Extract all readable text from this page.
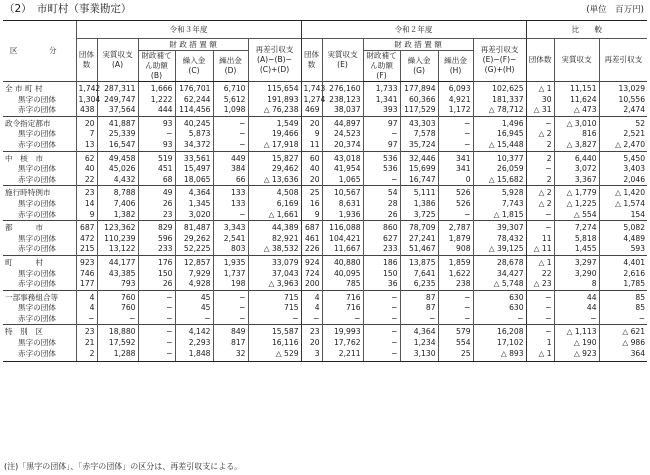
（2）　市町村（事業勘定）	(単位　百万円)
区　分	令和３年度						令和２年度						比　　較		
	団体数	実質収支(A)	財 政 措 置 額			再差引収支(A)−(B)−(C)+(D)	団体数	実質収支(E)	財 政 措 置 額			再差引収支(E)−(F)−(G)+(H)	団体数	実質収支	再差引収支
			財政補てん助額(B)	繰入金(C)	繰出金(D)				財政補てん助額(F)	繰入金(G)	繰出金(H)				
全 市 町 村	1,742	287,311	1,666	176,701	6,710	115,654	1,743	276,160	1,733	177,894	6,093	102,625	△ 1	11,151	13,029
黒字の団体	1,304	249,747	1,222	62,244	5,612	191,893	1,274	238,123	1,341	60,366	4,921	181,337	30	11,624	10,556
赤字の団体	438	37,564	444	114,456	1,098	△ 76,238	469	38,037	393	117,529	1,172	△ 78,712	△ 31	△ 473	2,474
政令指定都市	20	41,887	93	40,245	−	1,549	20	44,897	97	43,303	−	1,496	−	△ 3,010	52
黒字の団体	7	25,339	−	5,873	−	19,466	9	24,523	−	7,578	−	16,945	△ 2	816	2,521
赤字の団体	13	16,547	93	34,372	−	△ 17,918	11	20,374	97	35,724	−	△ 15,448	2	△ 3,827	△ 2,470
中　核　市	62	49,458	519	33,561	449	15,827	60	43,018	536	32,446	341	10,377	2	6,440	5,450
黒字の団体	40	45,026	451	15,497	384	29,462	40	41,954	536	15,699	341	26,059	−	3,072	3,403
赤字の団体	22	4,432	68	18,065	66	△ 13,636	20	1,065	−	16,747	0	△ 15,682	2	3,367	2,046
施行時特例市	23	8,788	49	4,364	133	4,508	25	10,567	54	5,111	526	5,928	△ 2	△ 1,779	△ 1,420
黒字の団体	14	7,406	26	1,345	133	6,169	16	8,631	28	1,386	526	7,743	△ 2	△ 1,225	△ 1,574
赤字の団体	9	1,382	23	3,020	−	△ 1,661	9	1,936	26	3,725	−	△ 1,815	−	△ 554	154
都　　　市	687	123,362	829	81,487	3,343	44,389	687	116,088	860	78,709	2,787	39,307	−	7,274	5,082
黒字の団体	472	110,239	596	29,262	2,541	82,921	461	104,421	627	27,241	1,879	78,432	11	5,818	4,489
赤字の団体	215	13,122	233	52,225	803	△ 38,532	226	11,667	233	51,467	908	△ 39,125	△ 11	1,455	593
町　　　村	923	44,177	176	12,857	1,935	33,079	924	40,880	186	13,875	1,859	28,678	△ 1	3,297	4,401
黒字の団体	746	43,385	150	7,929	1,737	37,043	724	40,095	150	7,641	1,622	34,427	22	3,290	2,616
赤字の団体	177	793	26	4,928	198	△ 3,963	200	785	36	6,235	238	△ 5,748	△ 23	8	1,785
一部事務組合等	4	760	−	45	−	715	4	716	−	87	−	630	−	44	85
黒字の団体	4	760	−	45	−	715	4	716	−	87	−	630	−	44	85
赤字の団体	−	−	−	−	−	−	−	−	−	−	−	−	−	−	−
特　別　区	23	18,880	−	4,142	849	15,587	23	19,993	−	4,364	579	16,208	−	△ 1,113	△ 621
黒字の団体	21	17,592	−	2,293	817	16,116	20	17,762	−	1,234	554	17,102	1	△ 190	△ 986
赤字の団体	2	1,288	−	1,848	32	△ 529	3	2,211	−	3,130	25	△ 893	△ 1	△ 923	364
(注)「黒字の団体」、「赤字の団体」の区分は、再差引収支による。
